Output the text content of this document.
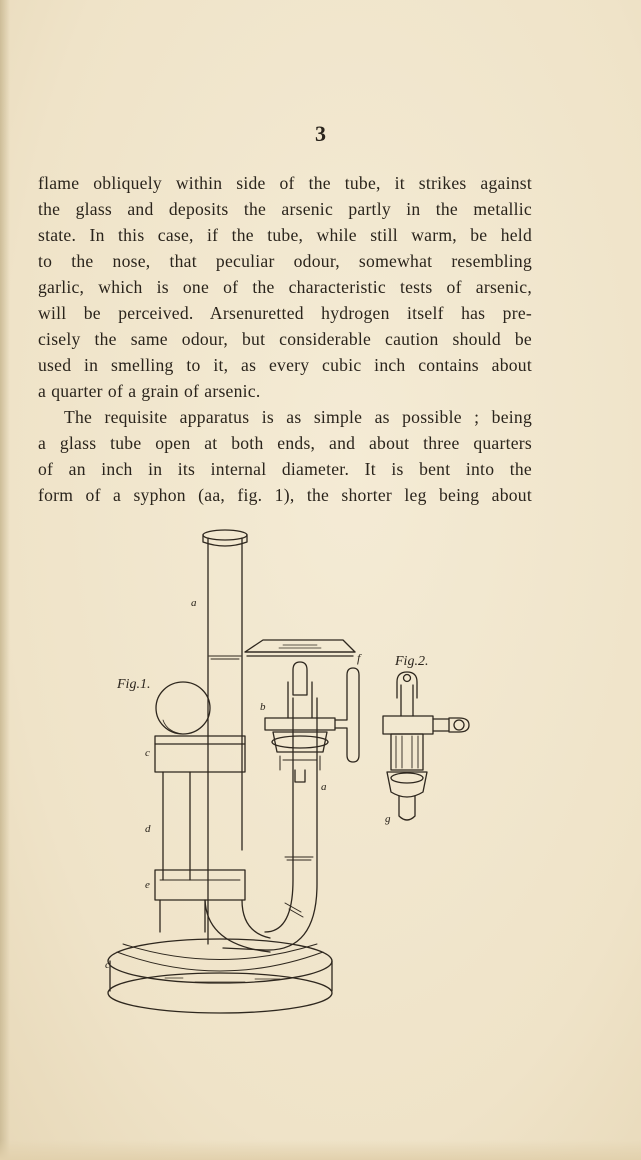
3
flame obliquely within side of the tube, it strikes against
the glass and deposits the arsenic partly in the metallic
state. In this case, if the tube, while still warm, be held
to the nose, that peculiar odour, somewhat resembling
garlic, which is one of the characteristic tests of arsenic,
will be perceived. Arsenuretted hydrogen itself has pre-
cisely the same odour, but considerable caution should be
used in smelling to it, as every cubic inch contains about
a quarter of a grain of arsenic.
The requisite apparatus is as simple as possible ; being
a glass tube open at both ends, and about three quarters
of an inch in its internal diameter. It is bent into the
form of a syphon (aa, fig. 1), the shorter leg being about
Fig.1.
Fig.2.
a
a
b
c
c
d
e
f
g
